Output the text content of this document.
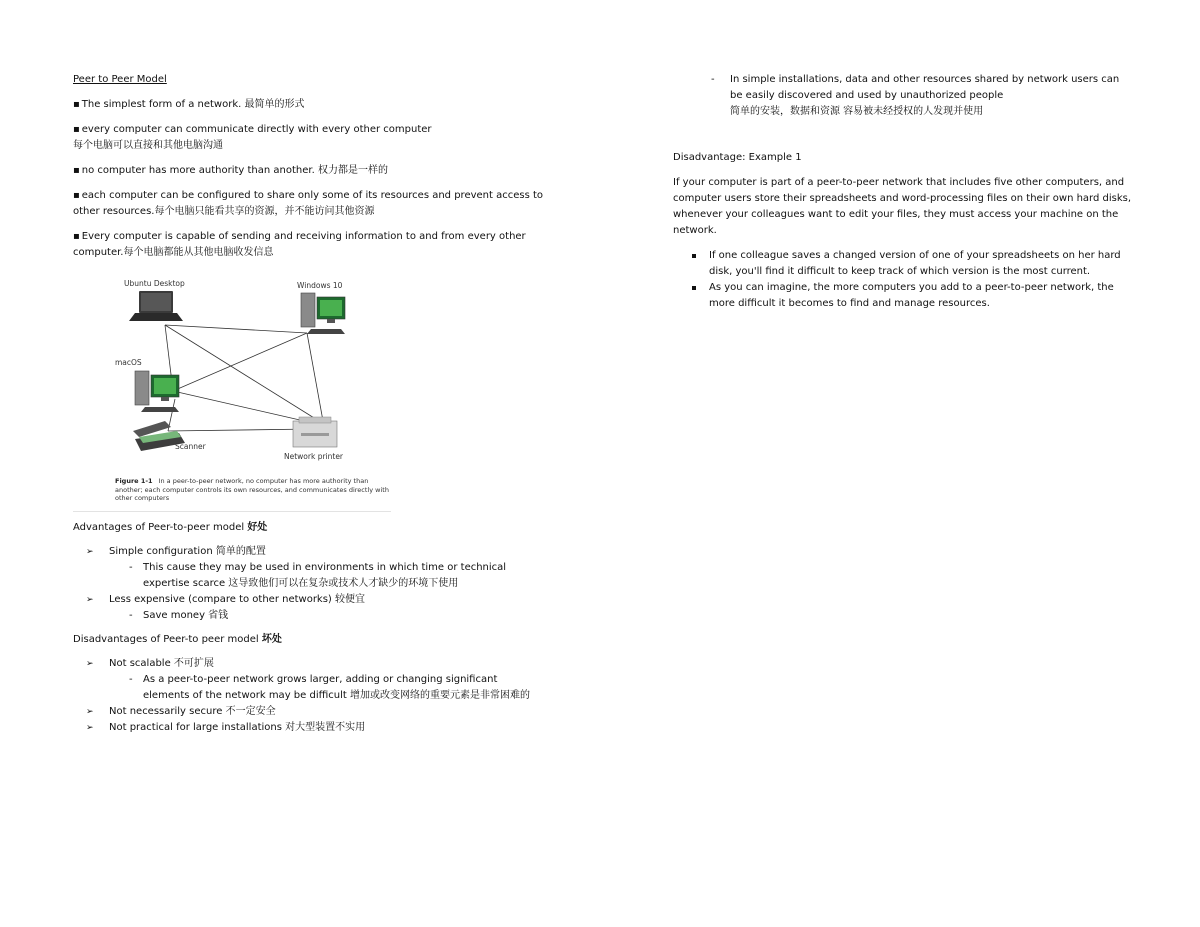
Peer to Peer Model

▪ The simplest form of a network. 最简单的形式

▪ every computer can communicate directly with every other computer
每个电脑可以直接和其他电脑沟通

▪ no computer has more authority than another. 权力都是一样的

▪ each computer can be configured to share only some of its resources and prevent access to other resources.每个电脑只能看共享的资源，并不能访问其他资源

▪ Every computer is capable of sending and receiving information to and from every other computer.每个电脑都能从其他电脑收发信息

Ubuntu Desktop	Windows 10
macOS
Scanner
Network printer
Figure 1-1 In a peer-to-peer network, no computer has more authority than another; each computer controls its own resources, and communicates directly with other computers

Advantages of Peer-to-peer model 好处

➢ Simple configuration 简单的配置

- This cause they may be used in environments in which time or technical expertise scarce 这导致他们可以在复杂或技术人才缺少的环境下使用

➢ Less expensive (compare to other networks) 较便宜

- Save money 省钱

Disadvantages of Peer-to peer model 坏处

➢ Not scalable 不可扩展

- As a peer-to-peer network grows larger, adding or changing significant elements of the network may be difficult 增加或改变网络的重要元素是非常困难的

➢ Not necessarily secure 不一定安全

➢ Not practical for large installations 对大型装置不实用

- In simple installations, data and other resources shared by network users can be easily discovered and used by unauthorized people
简单的安装，数据和资源 容易被未经授权的人发现并使用

Disadvantage: Example 1

If your computer is part of a peer-to-peer network that includes five other computers, and computer users store their spreadsheets and word-processing files on their own hard disks, whenever your colleagues want to edit your files, they must access your machine on the network.

If one colleague saves a changed version of one of your spreadsheets on her hard disk, you'll find it difficult to keep track of which version is the most current.

As you can imagine, the more computers you add to a peer-to-peer network, the more difficult it becomes to find and manage resources.
